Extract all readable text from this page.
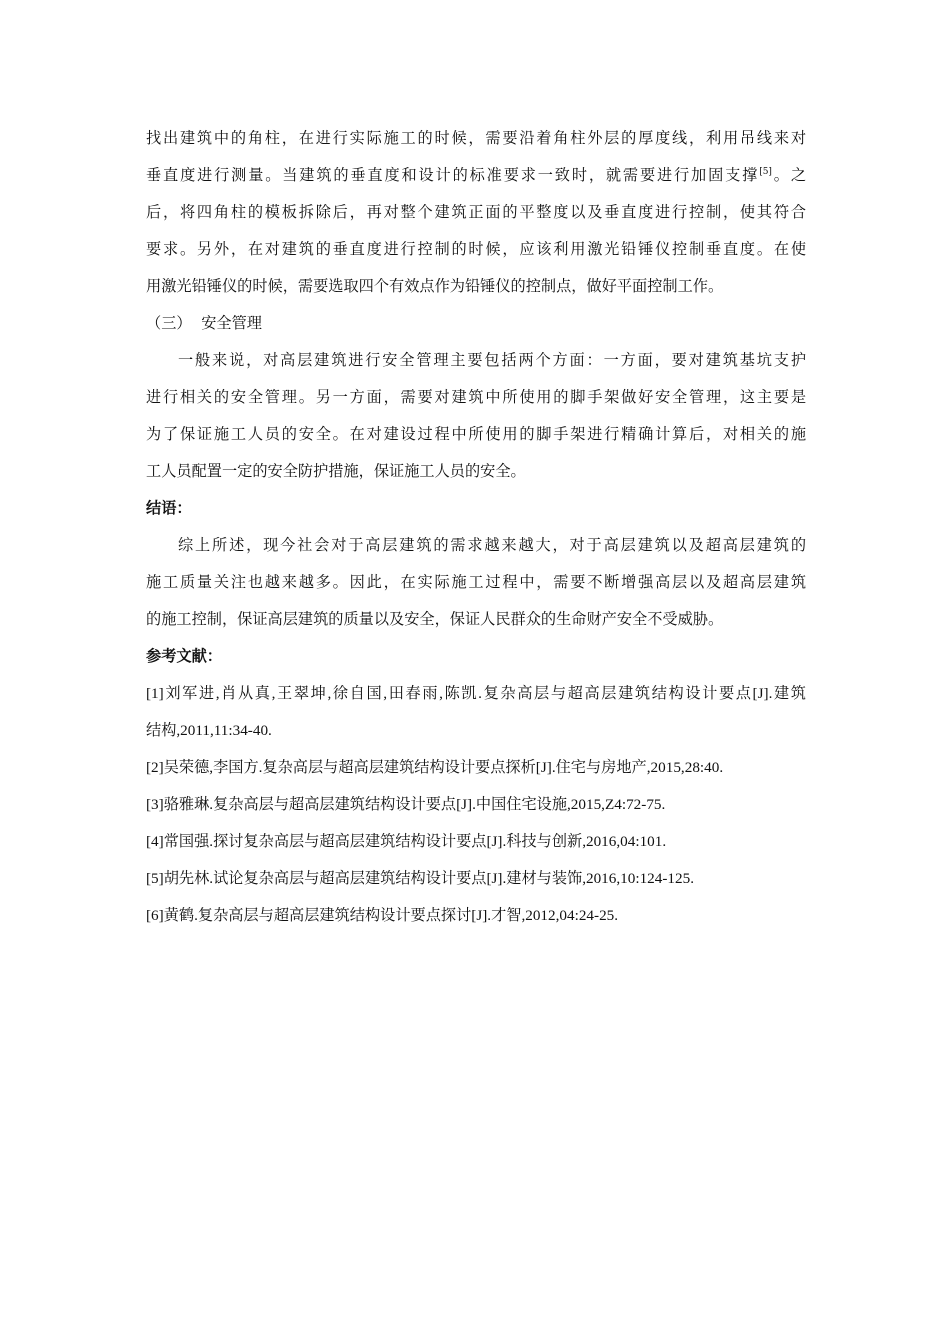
找出建筑中的角柱，在进行实际施工的时候，需要沿着角柱外层的厚度线，利用吊线来对
垂直度进行测量。当建筑的垂直度和设计的标准要求一致时，就需要进行加固支撑[5]。之
后，将四角柱的模板拆除后，再对整个建筑正面的平整度以及垂直度进行控制，使其符合
要求。另外，在对建筑的垂直度进行控制的时候，应该利用激光铅锤仪控制垂直度。在使
用激光铅锤仪的时候，需要选取四个有效点作为铅锤仪的控制点，做好平面控制工作。
（三）  安全管理
一般来说，对高层建筑进行安全管理主要包括两个方面：一方面，要对建筑基坑支护
进行相关的安全管理。另一方面，需要对建筑中所使用的脚手架做好安全管理，这主要是
为了保证施工人员的安全。在对建设过程中所使用的脚手架进行精确计算后，对相关的施
工人员配置一定的安全防护措施，保证施工人员的安全。
结语：
综上所述，现今社会对于高层建筑的需求越来越大，对于高层建筑以及超高层建筑的
施工质量关注也越来越多。因此，在实际施工过程中，需要不断增强高层以及超高层建筑
的施工控制，保证高层建筑的质量以及安全，保证人民群众的生命财产安全不受威胁。
参考文献：
[1]刘军进,肖从真,王翠坤,徐自国,田春雨,陈凯.复杂高层与超高层建筑结构设计要点[J].建筑
结构,2011,11:34-40.
[2]吴荣德,李国方.复杂高层与超高层建筑结构设计要点探析[J].住宅与房地产,2015,28:40.
[3]骆雅琳.复杂高层与超高层建筑结构设计要点[J].中国住宅设施,2015,Z4:72-75.
[4]常国强.探讨复杂高层与超高层建筑结构设计要点[J].科技与创新,2016,04:101.
[5]胡先林.试论复杂高层与超高层建筑结构设计要点[J].建材与装饰,2016,10:124-125.
[6]黄鹤.复杂高层与超高层建筑结构设计要点探讨[J].才智,2012,04:24-25.
